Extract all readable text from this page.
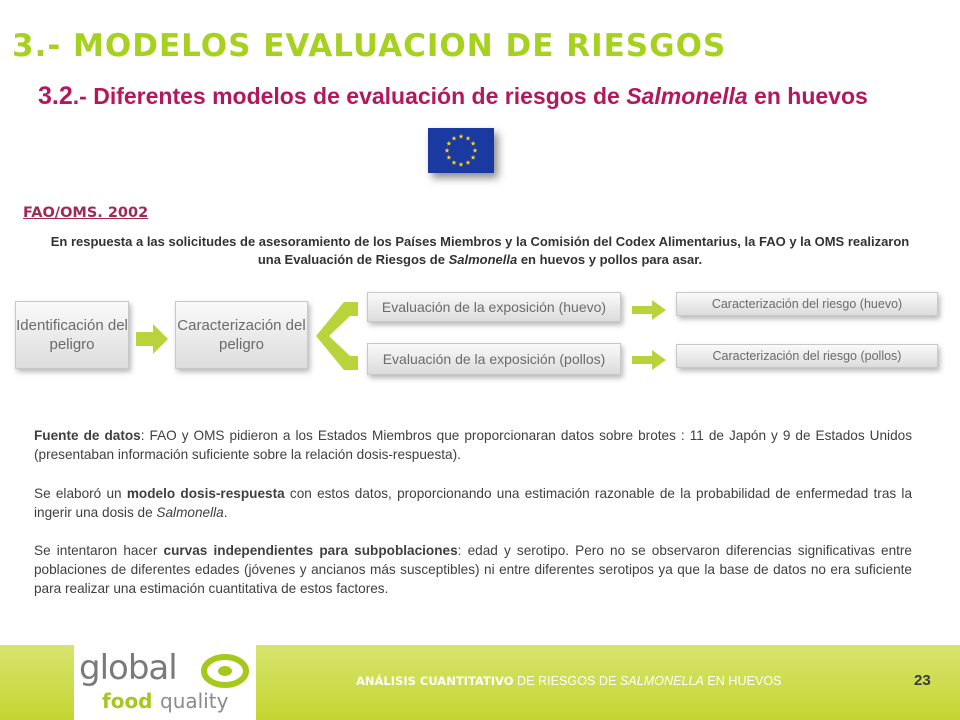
3.- MODELOS EVALUACION DE RIESGOS
3.2.- Diferentes modelos de evaluación de riesgos de Salmonella en huevos

FAO/OMS. 2002

En respuesta a las solicitudes de asesoramiento de los Países Miembros y la Comisión del Codex Alimentarius, la FAO y la OMS realizaron una Evaluación de Riesgos de Salmonella en huevos y pollos para asar.

Identificación del peligro
Caracterización del peligro
Evaluación de la exposición (huevo)
Evaluación de la exposición (pollos)
Caracterización del riesgo (huevo)
Caracterización del riesgo (pollos)

Fuente de datos: FAO y OMS pidieron a los Estados Miembros que proporcionaran datos sobre brotes : 11 de Japón y 9 de Estados Unidos (presentaban información suficiente sobre la relación dosis-respuesta).

Se elaboró un modelo dosis-respuesta con estos datos, proporcionando una estimación razonable de la probabilidad de enfermedad tras la ingerir una dosis de Salmonella.

Se intentaron hacer curvas independientes para subpoblaciones: edad y serotipo. Pero no se observaron diferencias significativas entre poblaciones de diferentes edades (jóvenes y ancianos más susceptibles) ni entre diferentes serotipos ya que la base de datos no era suficiente para realizar una estimación cuantitativa de estos factores.

global
food quality

ANÁLISIS CUANTITATIVO DE RIESGOS DE SALMONELLA EN HUEVOS	23
